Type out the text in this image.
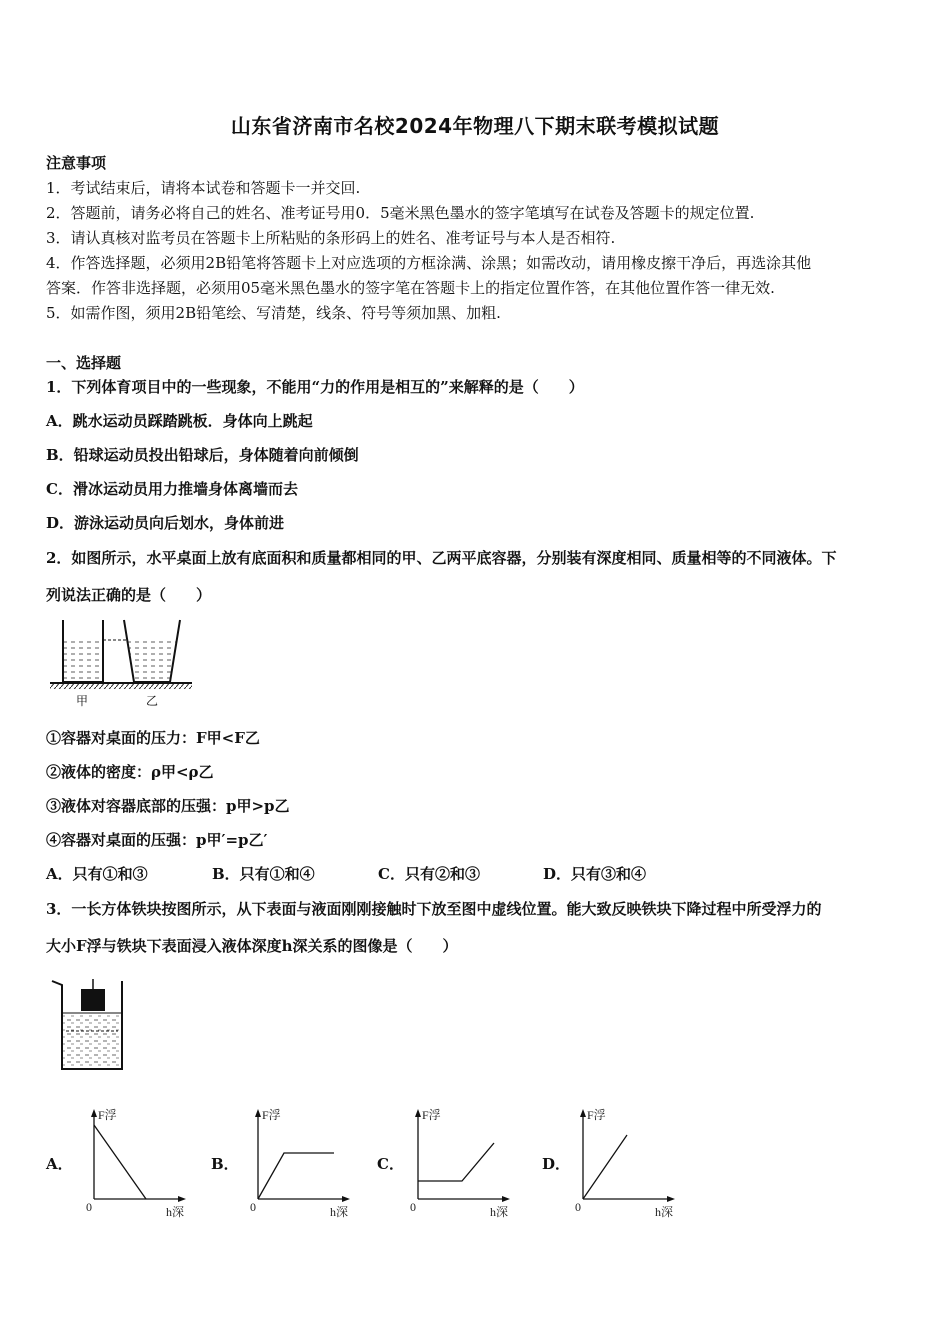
山东省济南市名校2024年物理八下期末联考模拟试题
注意事项
1．考试结束后，请将本试卷和答题卡一并交回.
2．答题前，请务必将自己的姓名、准考证号用0．5毫米黑色墨水的签字笔填写在试卷及答题卡的规定位置.
3．请认真核对监考员在答题卡上所粘贴的条形码上的姓名、准考证号与本人是否相符.
4．作答选择题，必须用2B铅笔将答题卡上对应选项的方框涂满、涂黑；如需改动，请用橡皮擦干净后，再选涂其他
答案．作答非选择题，必须用05毫米黑色墨水的签字笔在答题卡上的指定位置作答，在其他位置作答一律无效.
5．如需作图，须用2B铅笔绘、写清楚，线条、符号等须加黑、加粗.
一、选择题
1．下列体育项目中的一些现象，不能用“力的作用是相互的”来解释的是（　　）
A．跳水运动员踩踏跳板．身体向上跳起
B．铅球运动员投出铅球后，身体随着向前倾倒
C．滑冰运动员用力推墙身体离墙而去
D．游泳运动员向后划水，身体前进
2．如图所示，水平桌面上放有底面积和质量都相同的甲、乙两平底容器，分别装有深度相同、质量相等的不同液体。下
列说法正确的是（　　）
甲	乙
①容器对桌面的压力：F甲<F乙
②液体的密度：ρ甲<ρ乙
③液体对容器底部的压强：p甲>p乙
④容器对桌面的压强：p甲′=p乙′
A．只有①和③	B．只有①和④	C．只有②和③	D．只有③和④
3．一长方体铁块按图所示，从下表面与液面刚刚接触时下放至图中虚线位置。能大致反映铁块下降过程中所受浮力的
大小F浮与铁块下表面浸入液体深度h深关系的图像是（　　）
A．
F浮
h深
0
B．
F浮
h深
0
C．
F浮
h深
0
D．
F浮
h深
0
